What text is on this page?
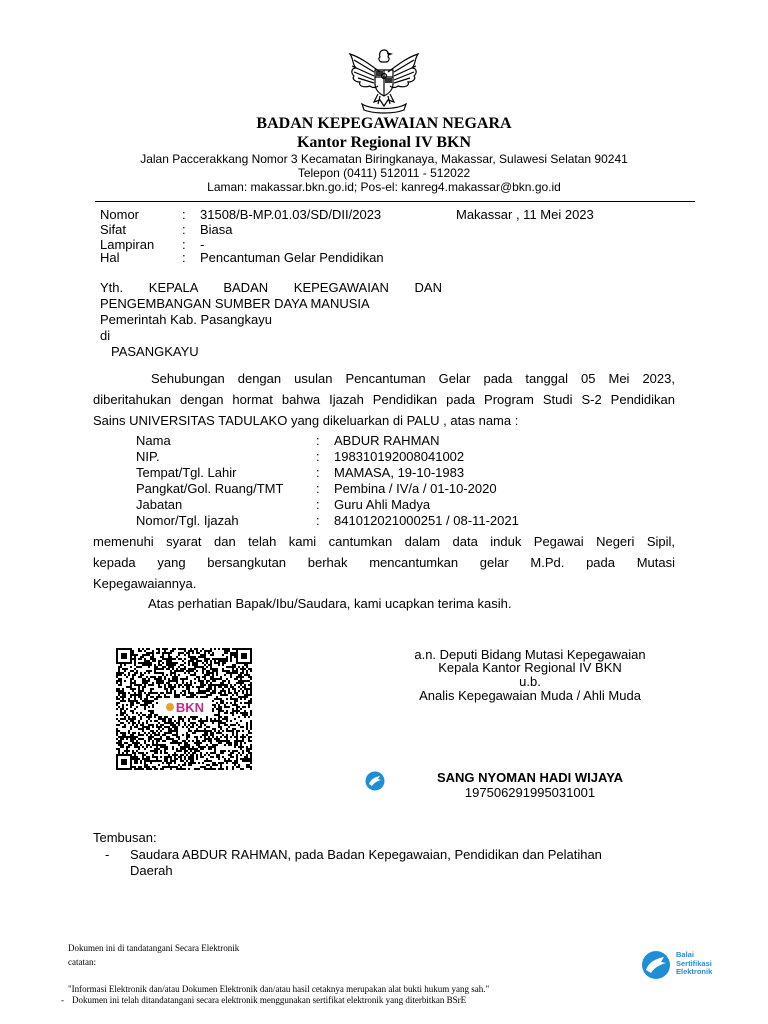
BADAN KEPEGAWAIAN NEGARA
Kantor Regional IV BKN
Jalan Paccerakkang Nomor 3 Kecamatan Biringkanaya, Makassar, Sulawesi Selatan 90241
Telepon (0411) 512011 - 512022
Laman: makassar.bkn.go.id; Pos-el: kanreg4.makassar@bkn.go.id
Nomor	: 31508/B-MP.01.03/SD/DII/2023	Makassar , 11 Mei 2023
Sifat	: Biasa
Lampiran : -
Hal	: Pencantuman Gelar Pendidikan
Yth. KEPALA BADAN KEPEGAWAIAN DAN
PENGEMBANGAN SUMBER DAYA MANUSIA
Pemerintah Kab. Pasangkayu
di
PASANGKAYU
Sehubungan dengan usulan Pencantuman Gelar pada tanggal 05 Mei 2023,
diberitahukan dengan hormat bahwa Ijazah Pendidikan pada Program Studi S-2 Pendidikan
Sains UNIVERSITAS TADULAKO yang dikeluarkan di PALU , atas nama :
Nama	: ABDUR RAHMAN
NIP.	: 198310192008041002
Tempat/Tgl. Lahir	: MAMASA, 19-10-1983
Pangkat/Gol. Ruang/TMT	: Pembina / IV/a / 01-10-2020
Jabatan	: Guru Ahli Madya
Nomor/Tgl. Ijazah	: 841012021000251 / 08-11-2021
memenuhi syarat dan telah kami cantumkan dalam data induk Pegawai Negeri Sipil,
kepada yang bersangkutan berhak mencantumkan gelar M.Pd. pada Mutasi
Kepegawaiannya.
Atas perhatian Bapak/Ibu/Saudara, kami ucapkan terima kasih.
BKN
a.n. Deputi Bidang Mutasi Kepegawaian
Kepala Kantor Regional IV BKN
u.b.
Analis Kepegawaian Muda / Ahli Muda
SANG NYOMAN HADI WIJAYA
197506291995031001
Tembusan:
- Saudara ABDUR RAHMAN, pada Badan Kepegawaian, Pendidikan dan Pelatihan
Daerah
Dokumen ini di tandatangani Secara Elektronik
catatan:
"Informasi Elektronik dan/atau Dokumen Elektronik dan/atau hasil cetaknya merupakan alat bukti hukum yang sah."
- Dokumen ini telah ditandatangani secara elektronik menggunakan sertifikat elektronik yang diterbitkan BSrE
Balai
Sertifikasi
Elektronik
